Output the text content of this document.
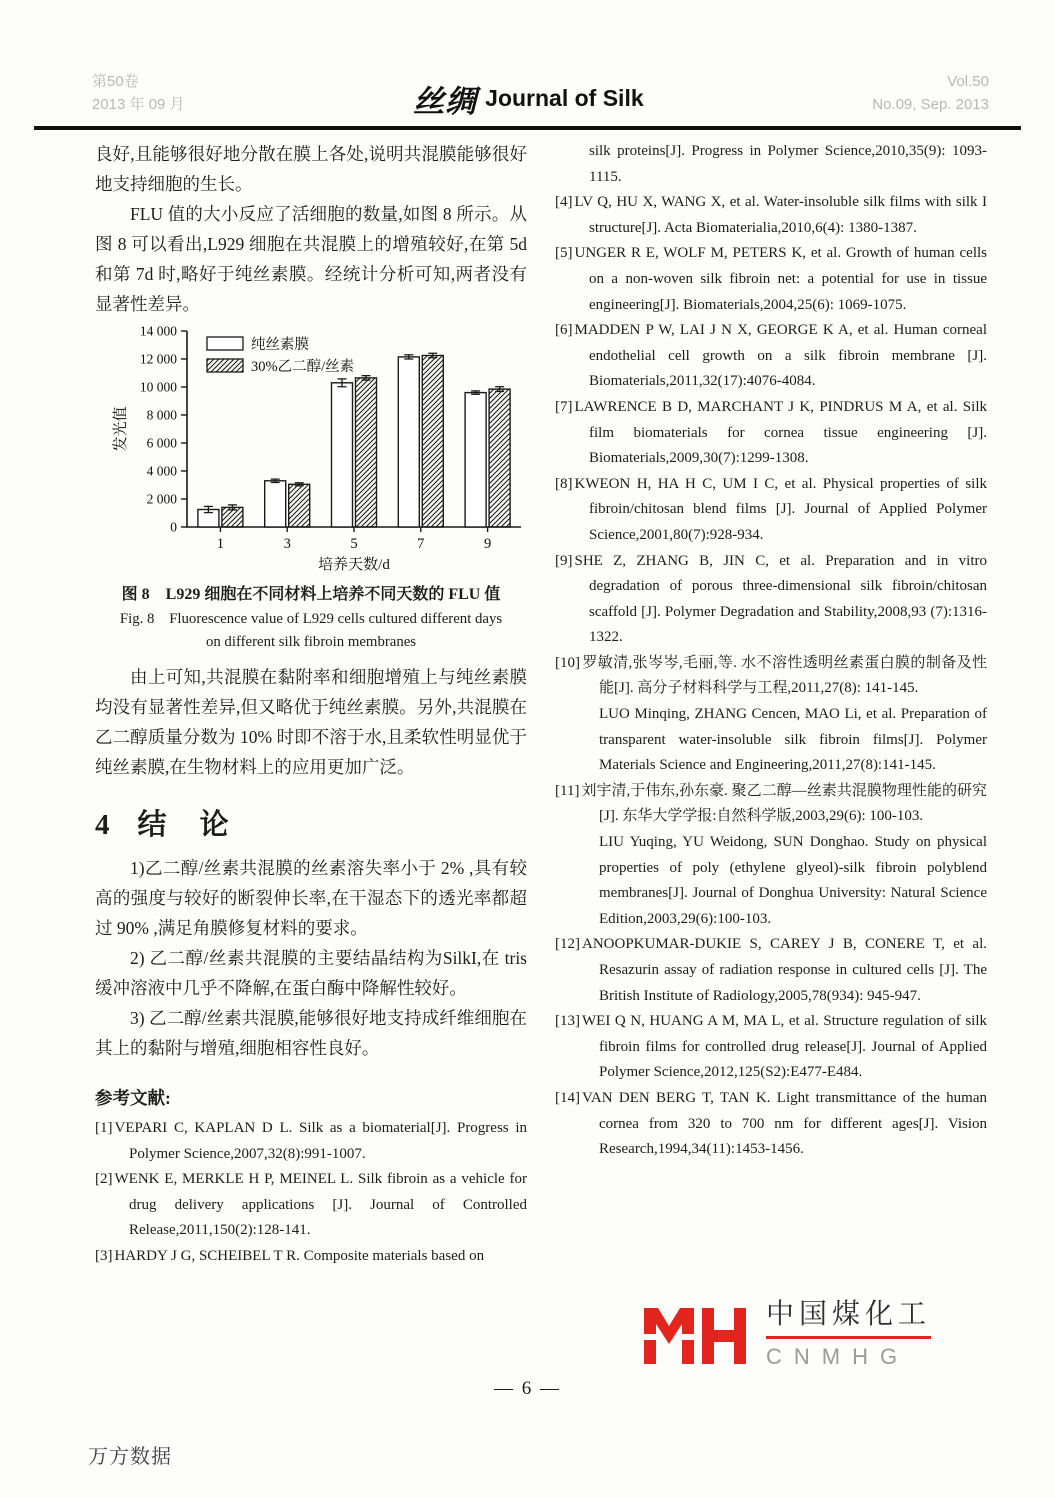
第50卷
2013 年 09 月	丝绸 Journal of Silk
Vol.50
No.09, Sep. 2013

良好,且能够很好地分散在膜上各处,说明共混膜能够很好地支持细胞的生长。

FLU 值的大小反应了活细胞的数量,如图 8 所示。从图 8 可以看出,L929 细胞在共混膜上的增殖较好,在第 5d 和第 7d 时,略好于纯丝素膜。经统计分析可知,两者没有显著性差异。

0
2 000
4 000
6 000
8 000
10 000
12 000
14 000
1	3	5	7	9
纯丝素膜
30%乙二醇/丝素
培养天数/d
发光值
图 8　L929 细胞在不同材料上培养不同天数的 FLU 值
Fig. 8　Fluorescence value of L929 cells cultured different days
on different silk fibroin membranes

由上可知,共混膜在黏附率和细胞增殖上与纯丝素膜均没有显著性差异,但又略优于纯丝素膜。另外,共混膜在乙二醇质量分数为 10% 时即不溶于水,且柔软性明显优于纯丝素膜,在生物材料上的应用更加广泛。

4 结　论

1)乙二醇/丝素共混膜的丝素溶失率小于 2% ,具有较高的强度与较好的断裂伸长率,在干湿态下的透光率都超过 90% ,满足角膜修复材料的要求。

2) 乙二醇/丝素共混膜的主要结晶结构为SilkI,在 tris 缓冲溶液中几乎不降解,在蛋白酶中降解性较好。

3) 乙二醇/丝素共混膜,能够很好地支持成纤维细胞在其上的黏附与增殖,细胞相容性良好。

参考文献:
[1] VEPARI C, KAPLAN D L. Silk as a biomaterial[J]. Progress in Polymer Science,2007,32(8):991-1007.
[2] WENK E, MERKLE H P, MEINEL L. Silk fibroin as a vehicle for drug delivery applications [J]. Journal of Controlled Release,2011,150(2):128-141.
[3] HARDY J G, SCHEIBEL T R. Composite materials based on
silk proteins[J]. Progress in Polymer Science,2010,35(9): 1093-1115.
[4] LV Q, HU X, WANG X, et al. Water-insoluble silk films with silk I structure[J]. Acta Biomaterialia,2010,6(4): 1380-1387.
[5] UNGER R E, WOLF M, PETERS K, et al. Growth of human cells on a non-woven silk fibroin net: a potential for use in tissue engineering[J]. Biomaterials,2004,25(6): 1069-1075.
[6] MADDEN P W, LAI J N X, GEORGE K A, et al. Human corneal endothelial cell growth on a silk fibroin membrane [J]. Biomaterials,2011,32(17):4076-4084.
[7] LAWRENCE B D, MARCHANT J K, PINDRUS M A, et al. Silk film biomaterials for cornea tissue engineering [J]. Biomaterials,2009,30(7):1299-1308.
[8] KWEON H, HA H C, UM I C, et al. Physical properties of silk fibroin/chitosan blend films [J]. Journal of Applied Polymer Science,2001,80(7):928-934.
[9] SHE Z, ZHANG B, JIN C, et al. Preparation and in vitro degradation of porous three-dimensional silk fibroin/chitosan scaffold [J]. Polymer Degradation and Stability,2008,93 (7):1316-1322.
[10] 罗敏清,张岑岑,毛丽,等. 水不溶性透明丝素蛋白膜的制备及性能[J]. 高分子材料科学与工程,2011,27(8): 141-145.
LUO Minqing, ZHANG Cencen, MAO Li, et al. Preparation of transparent water-insoluble silk fibroin films[J]. Polymer Materials Science and Engineering,2011,27(8):141-145.
[11] 刘宇清,于伟东,孙东豪. 聚乙二醇—丝素共混膜物理性能的研究[J]. 东华大学学报:自然科学版,2003,29(6): 100-103.
LIU Yuqing, YU Weidong, SUN Donghao. Study on physical properties of poly (ethylene glyeol)-silk fibroin polyblend membranes[J]. Journal of Donghua University: Natural Science Edition,2003,29(6):100-103.
[12] ANOOPKUMAR-DUKIE S, CAREY J B, CONERE T, et al. Resazurin assay of radiation response in cultured cells [J]. The British Institute of Radiology,2005,78(934): 945-947.
[13] WEI Q N, HUANG A M, MA L, et al. Structure regulation of silk fibroin films for controlled drug release[J]. Journal of Applied Polymer Science,2012,125(S2):E477-E484.
[14] VAN DEN BERG T, TAN K. Light transmittance of the human cornea from 320 to 700 nm for different ages[J]. Vision Research,1994,34(11):1453-1456.
中国煤化工
CNMHG
— 6 —
万方数据
